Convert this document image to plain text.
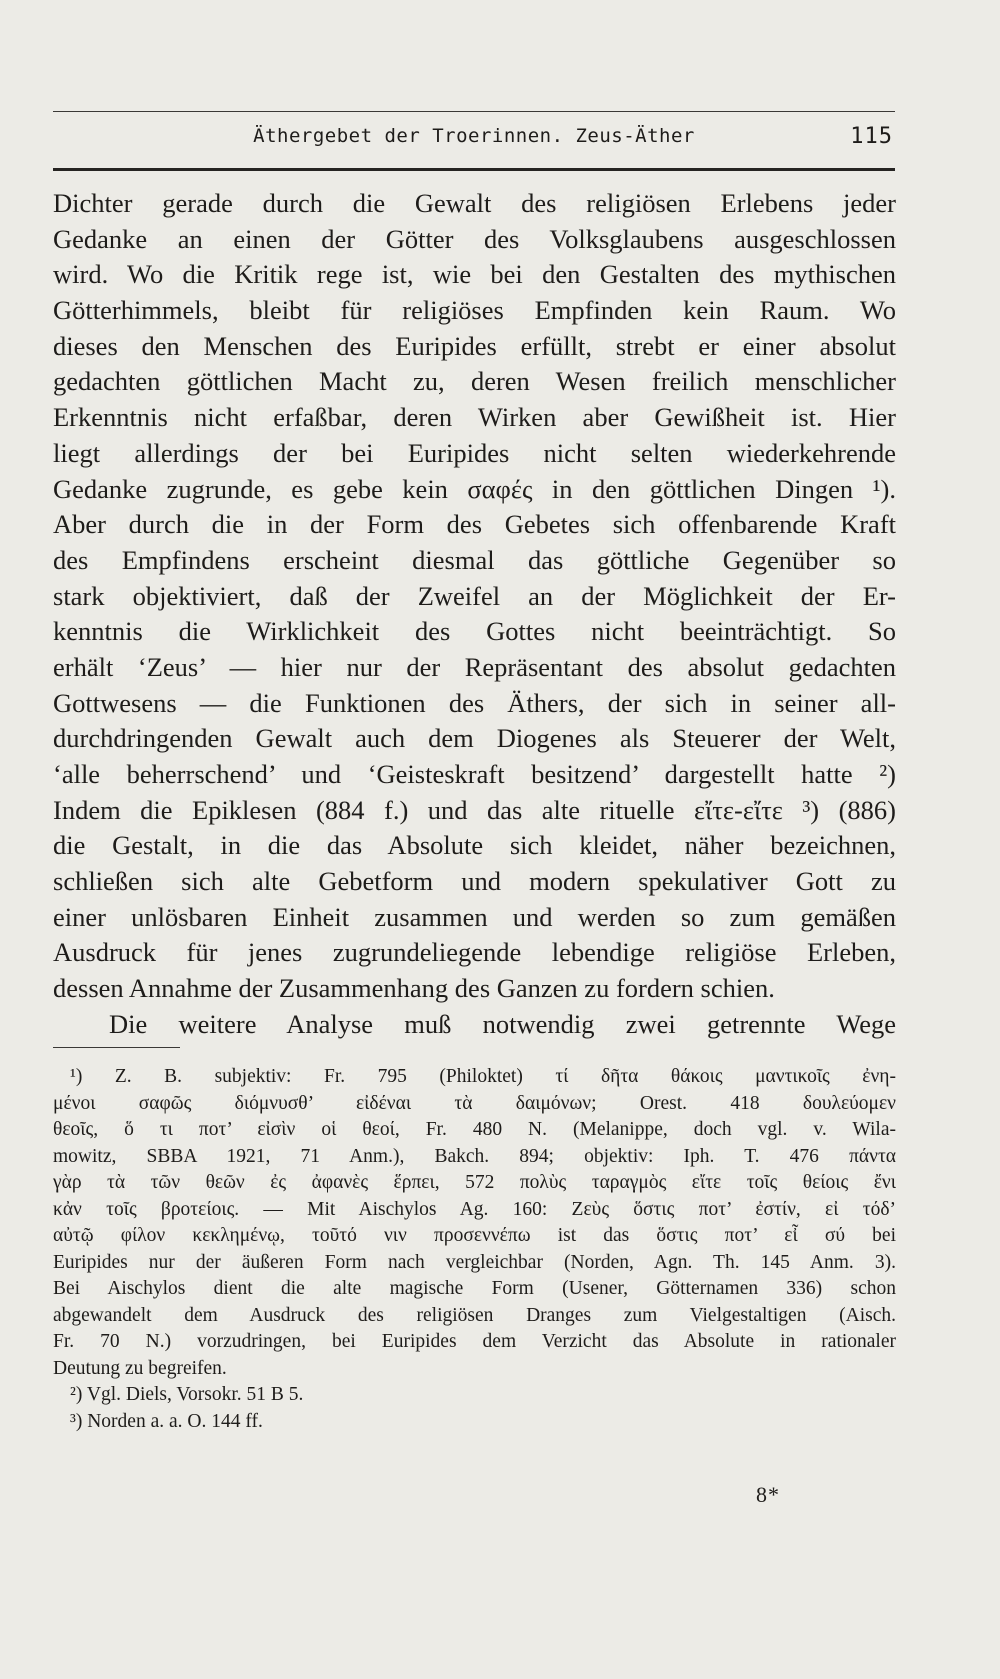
Äthergebet der Troerinnen. Zeus-Äther	115
Dichter gerade durch die Gewalt des religiösen Erlebens jeder
Gedanke an einen der Götter des Volksglaubens ausgeschlossen
wird. Wo die Kritik rege ist, wie bei den Gestalten des mythischen
Götterhimmels, bleibt für religiöses Empfinden kein Raum. Wo
dieses den Menschen des Euripides erfüllt, strebt er einer absolut
gedachten göttlichen Macht zu, deren Wesen freilich menschlicher
Erkenntnis nicht erfaßbar, deren Wirken aber Gewißheit ist. Hier
liegt allerdings der bei Euripides nicht selten wiederkehrende
Gedanke zugrunde, es gebe kein σαφές in den göttlichen Dingen ¹).
Aber durch die in der Form des Gebetes sich offenbarende Kraft
des Empfindens erscheint diesmal das göttliche Gegenüber so
stark objektiviert, daß der Zweifel an der Möglichkeit der Er-
kenntnis die Wirklichkeit des Gottes nicht beeinträchtigt. So
erhält ‘Zeus’ — hier nur der Repräsentant des absolut gedachten
Gottwesens — die Funktionen des Äthers, der sich in seiner all-
durchdringenden Gewalt auch dem Diogenes als Steuerer der Welt,
‘alle beherrschend’ und ‘Geisteskraft besitzend’ dargestellt hatte ²)
Indem die Epiklesen (884 f.) und das alte rituelle εἴτε-εἴτε ³) (886)
die Gestalt, in die das Absolute sich kleidet, näher bezeichnen,
schließen sich alte Gebetform und modern spekulativer Gott zu
einer unlösbaren Einheit zusammen und werden so zum gemäßen
Ausdruck für jenes zugrundeliegende lebendige religiöse Erleben,
dessen Annahme der Zusammenhang des Ganzen zu fordern schien.
Die weitere Analyse muß notwendig zwei getrennte Wege
¹) Z. B. subjektiv: Fr. 795 (Philoktet) τί δῆτα θάκοις μαντικοῖς ἐνη-
μένοι σαφῶς διόμνυσθ’ εἰδέναι τὰ δαιμόνων; Orest. 418 δουλεύομεν
θεοῖς, ὅ τι ποτ’ εἰσὶν οἱ θεοί, Fr. 480 N. (Melanippe, doch vgl. v. Wila-
mowitz, SBBA 1921, 71 Anm.), Bakch. 894; objektiv: Iph. T. 476 πάντα
γὰρ τὰ τῶν θεῶν ἐς ἀφανὲς ἕρπει, 572 πολὺς ταραγμὸς εἴτε τοῖς θείοις ἔνι
κἀν τοῖς βροτείοις. — Mit Aischylos Ag. 160: Ζεὺς ὅστις ποτ’ ἐστίν, εἰ τόδ’
αὐτῷ φίλον κεκλημένῳ, τοῦτό νιν προσεννέπω ist das ὅστις ποτ’ εἶ σύ bei
Euripides nur der äußeren Form nach vergleichbar (Norden, Agn. Th. 145 Anm. 3).
Bei Aischylos dient die alte magische Form (Usener, Götternamen 336) schon
abgewandelt dem Ausdruck des religiösen Dranges zum Vielgestaltigen (Aisch.
Fr. 70 N.) vorzudringen, bei Euripides dem Verzicht das Absolute in rationaler
Deutung zu begreifen.
²) Vgl. Diels, Vorsokr. 51 B 5.
³) Norden a. a. O. 144 ff.
8*
